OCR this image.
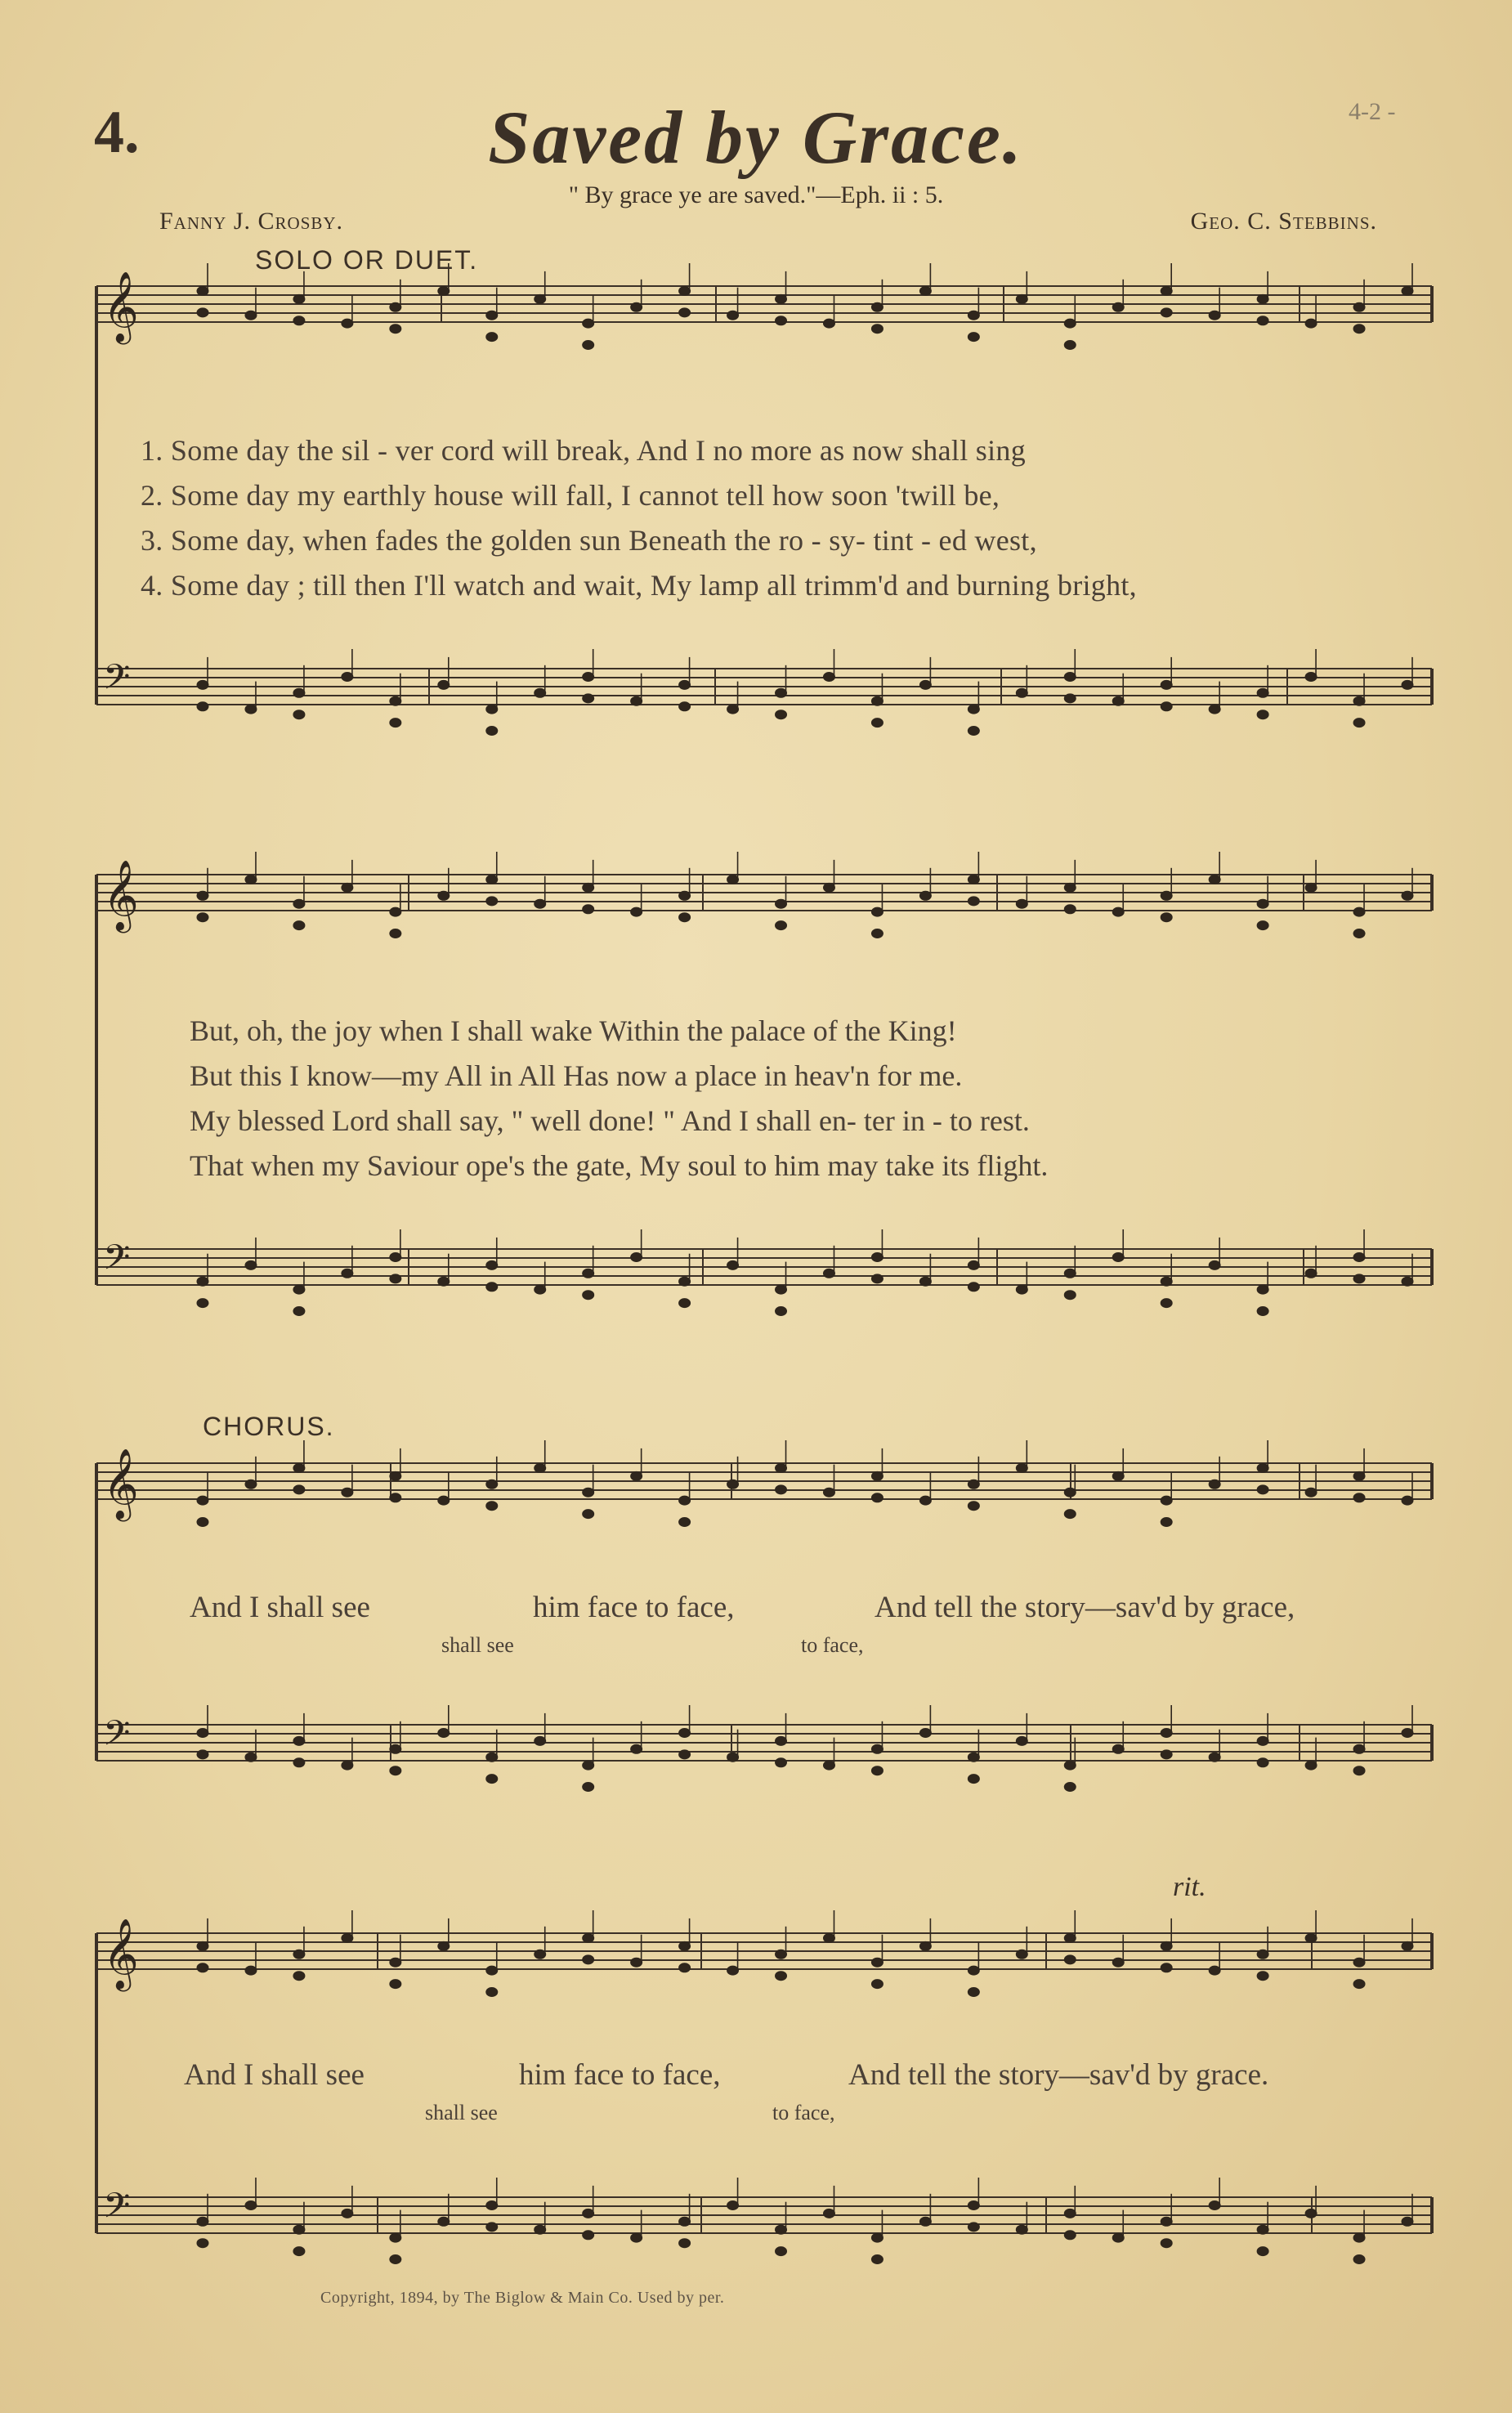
𝄞
𝄢
𝄞
𝄢
𝄞
𝄢
𝄞
𝄢
4.	Saved by Grace.	4-2 -
" By grace ye are saved."—Eph. ii : 5.
Fanny J. Crosby.	Geo. C. Stebbins.
SOLO OR DUET.
1. Some day the sil - ver cord will break, And I no more as now shall sing
2. Some day my earthly house will fall, I cannot tell how soon 'twill be,
3. Some day, when fades the golden sun Beneath the ro - sy- tint - ed west,
4. Some day ; till then I'll watch and wait, My lamp all trimm'd and burning bright,
But, oh, the joy when I shall wake Within the palace of the King!
But this I know—my All in All Has now a place in heav'n for me.
My blessed Lord shall say, " well done! " And I shall en- ter in - to rest.
That when my Saviour ope's the gate, My soul to him may take its flight.
CHORUS.
And I shall see	him face to face,	And tell the story—sav'd by grace,
shall see	to face,
rit.
And I shall see	him face to face,	And tell the story—sav'd by grace.
shall see	to face,
Copyright, 1894, by The Biglow & Main Co. Used by per.
